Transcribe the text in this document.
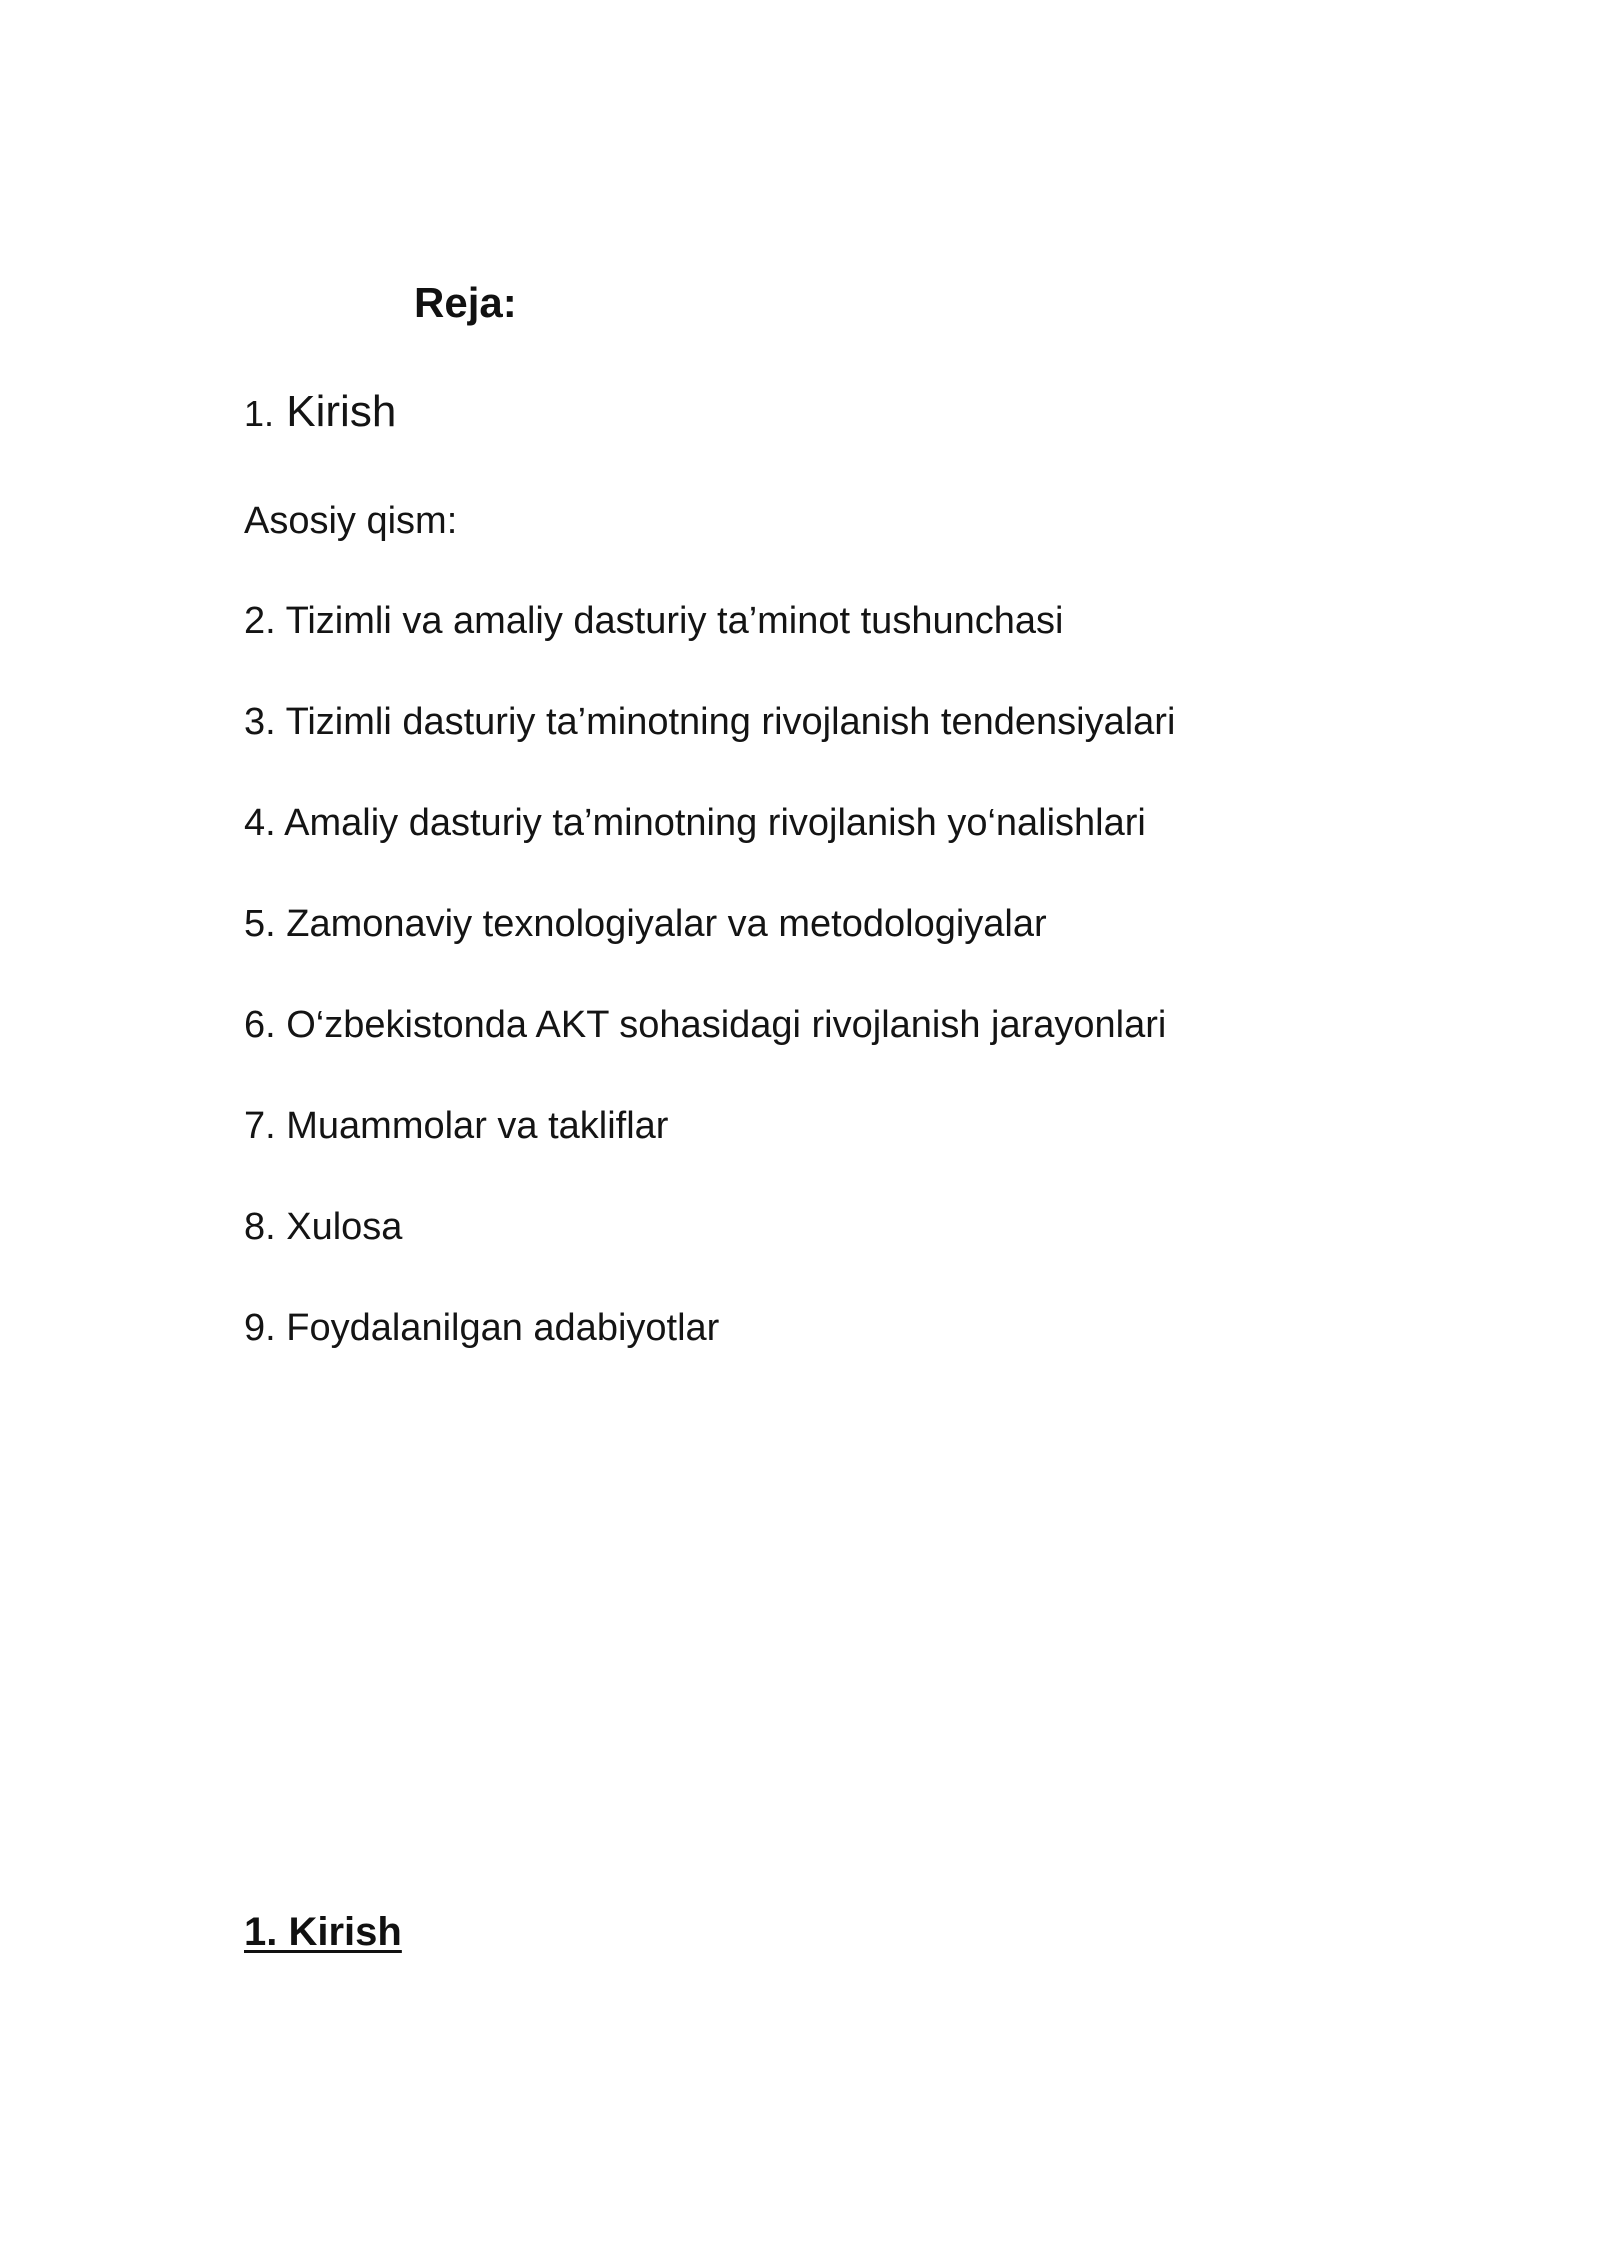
Reja:
1. Kirish
Asosiy qism:
2. Tizimli va amaliy dasturiy ta’minot tushunchasi
3. Tizimli dasturiy ta’minotning rivojlanish tendensiyalari
4. Amaliy dasturiy ta’minotning rivojlanish yo‘nalishlari
5. Zamonaviy texnologiyalar va metodologiyalar
6. O‘zbekistonda AKT sohasidagi rivojlanish jarayonlari
7. Muammolar va takliflar
8. Xulosa
9. Foydalanilgan adabiyotlar
1. Kirish
